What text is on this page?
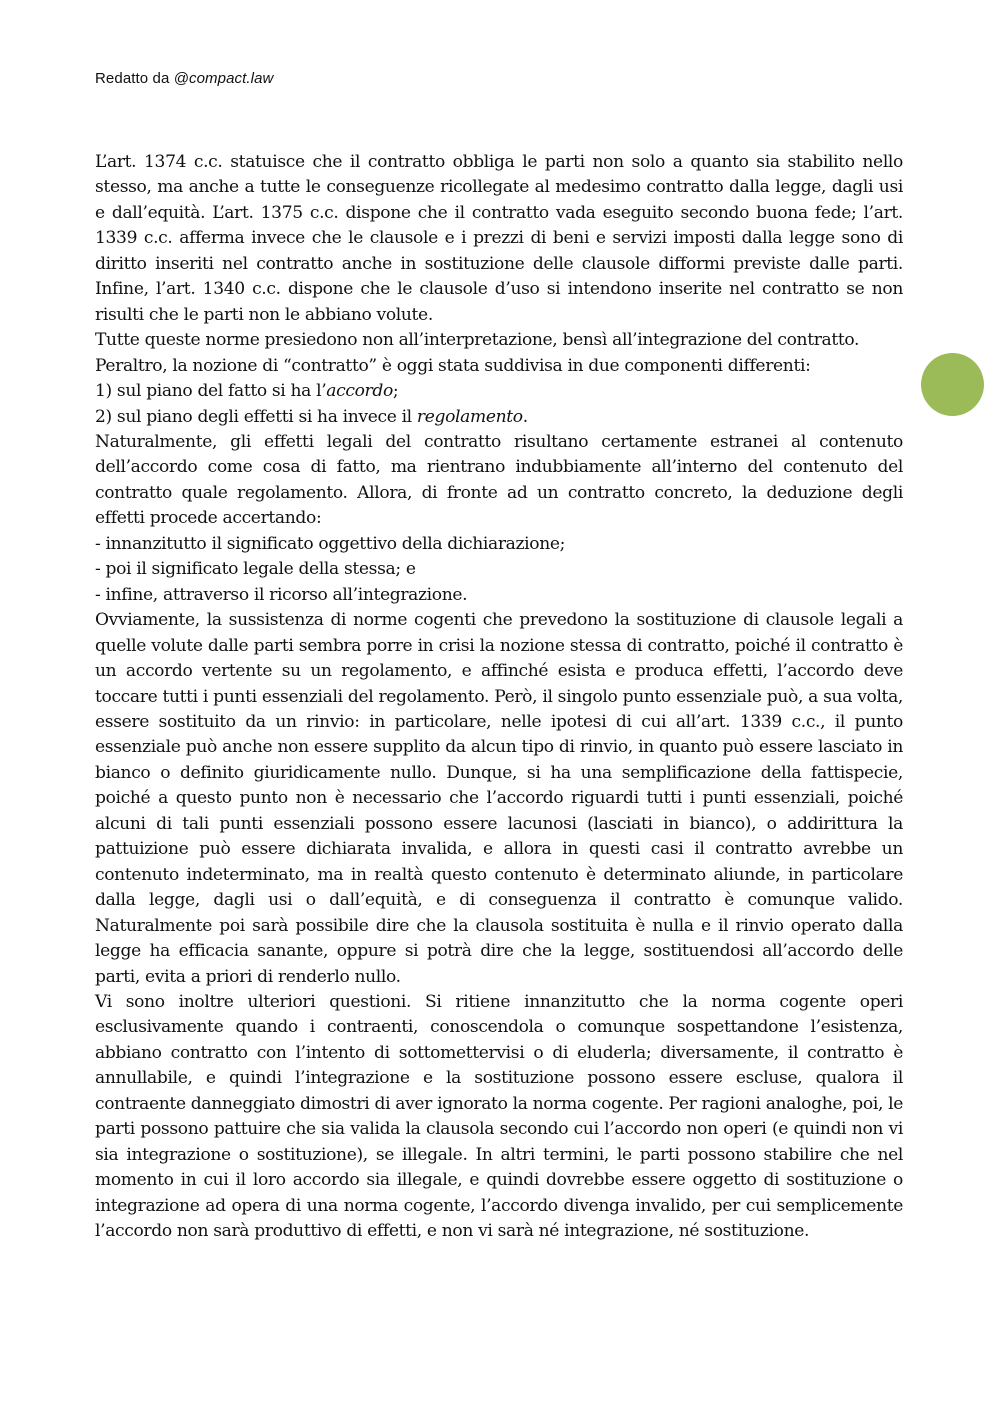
Redatto da @compact.law

L’art. 1374 c.c. statuisce che il contratto obbliga le parti non solo a quanto sia stabilito nello stesso, ma anche a tutte le conseguenze ricollegate al medesimo contratto dalla legge, dagli usi e dall’equità. L’art. 1375 c.c. dispone che il contratto vada eseguito secondo buona fede; l’art. 1339 c.c. afferma invece che le clausole e i prezzi di beni e servizi imposti dalla legge sono di diritto inseriti nel contratto anche in sostituzione delle clausole difformi previste dalle parti. Infine, l’art. 1340 c.c. dispone che le clausole d’uso si intendono inserite nel contratto se non risulti che le parti non le abbiano volute.

Tutte queste norme presiedono non all’interpretazione, bensì all’integrazione del contratto.

Peraltro, la nozione di “contratto” è oggi stata suddivisa in due componenti differenti:

1) sul piano del fatto si ha l’accordo;

2) sul piano degli effetti si ha invece il regolamento.

Naturalmente, gli effetti legali del contratto risultano certamente estranei al contenuto dell’accordo come cosa di fatto, ma rientrano indubbiamente all’interno del contenuto del contratto quale regolamento. Allora, di fronte ad un contratto concreto, la deduzione degli effetti procede accertando:

- innanzitutto il significato oggettivo della dichiarazione;

- poi il significato legale della stessa; e

- infine, attraverso il ricorso all’integrazione.

Ovviamente, la sussistenza di norme cogenti che prevedono la sostituzione di clausole legali a quelle volute dalle parti sembra porre in crisi la nozione stessa di contratto, poiché il contratto è un accordo vertente su un regolamento, e affinché esista e produca effetti, l’accordo deve toccare tutti i punti essenziali del regolamento. Però, il singolo punto essenziale può, a sua volta, essere sostituito da un rinvio: in particolare, nelle ipotesi di cui all’art. 1339 c.c., il punto essenziale può anche non essere supplito da alcun tipo di rinvio, in quanto può essere lasciato in bianco o definito giuridicamente nullo. Dunque, si ha una semplificazione della fattispecie, poiché a questo punto non è necessario che l’accordo riguardi tutti i punti essenziali, poiché alcuni di tali punti essenziali possono essere lacunosi (lasciati in bianco), o addirittura la pattuizione può essere dichiarata invalida, e allora in questi casi il contratto avrebbe un contenuto indeterminato, ma in realtà questo contenuto è determinato aliunde, in particolare dalla legge, dagli usi o dall’equità, e di conseguenza il contratto è comunque valido. Naturalmente poi sarà possibile dire che la clausola sostituita è nulla e il rinvio operato dalla legge ha efficacia sanante, oppure si potrà dire che la legge, sostituendosi all’accordo delle parti, evita a priori di renderlo nullo.

Vi sono inoltre ulteriori questioni. Si ritiene innanzitutto che la norma cogente operi esclusivamente quando i contraenti, conoscendola o comunque sospettandone l’esistenza, abbiano contratto con l’intento di sottomettervisi o di eluderla; diversamente, il contratto è annullabile, e quindi l’integrazione e la sostituzione possono essere escluse, qualora il contraente danneggiato dimostri di aver ignorato la norma cogente. Per ragioni analoghe, poi, le parti possono pattuire che sia valida la clausola secondo cui l’accordo non operi (e quindi non vi sia integrazione o sostituzione), se illegale. In altri termini, le parti possono stabilire che nel momento in cui il loro accordo sia illegale, e quindi dovrebbe essere oggetto di sostituzione o integrazione ad opera di una norma cogente, l’accordo divenga invalido, per cui semplicemente l’accordo non sarà produttivo di effetti, e non vi sarà né integrazione, né sostituzione.
